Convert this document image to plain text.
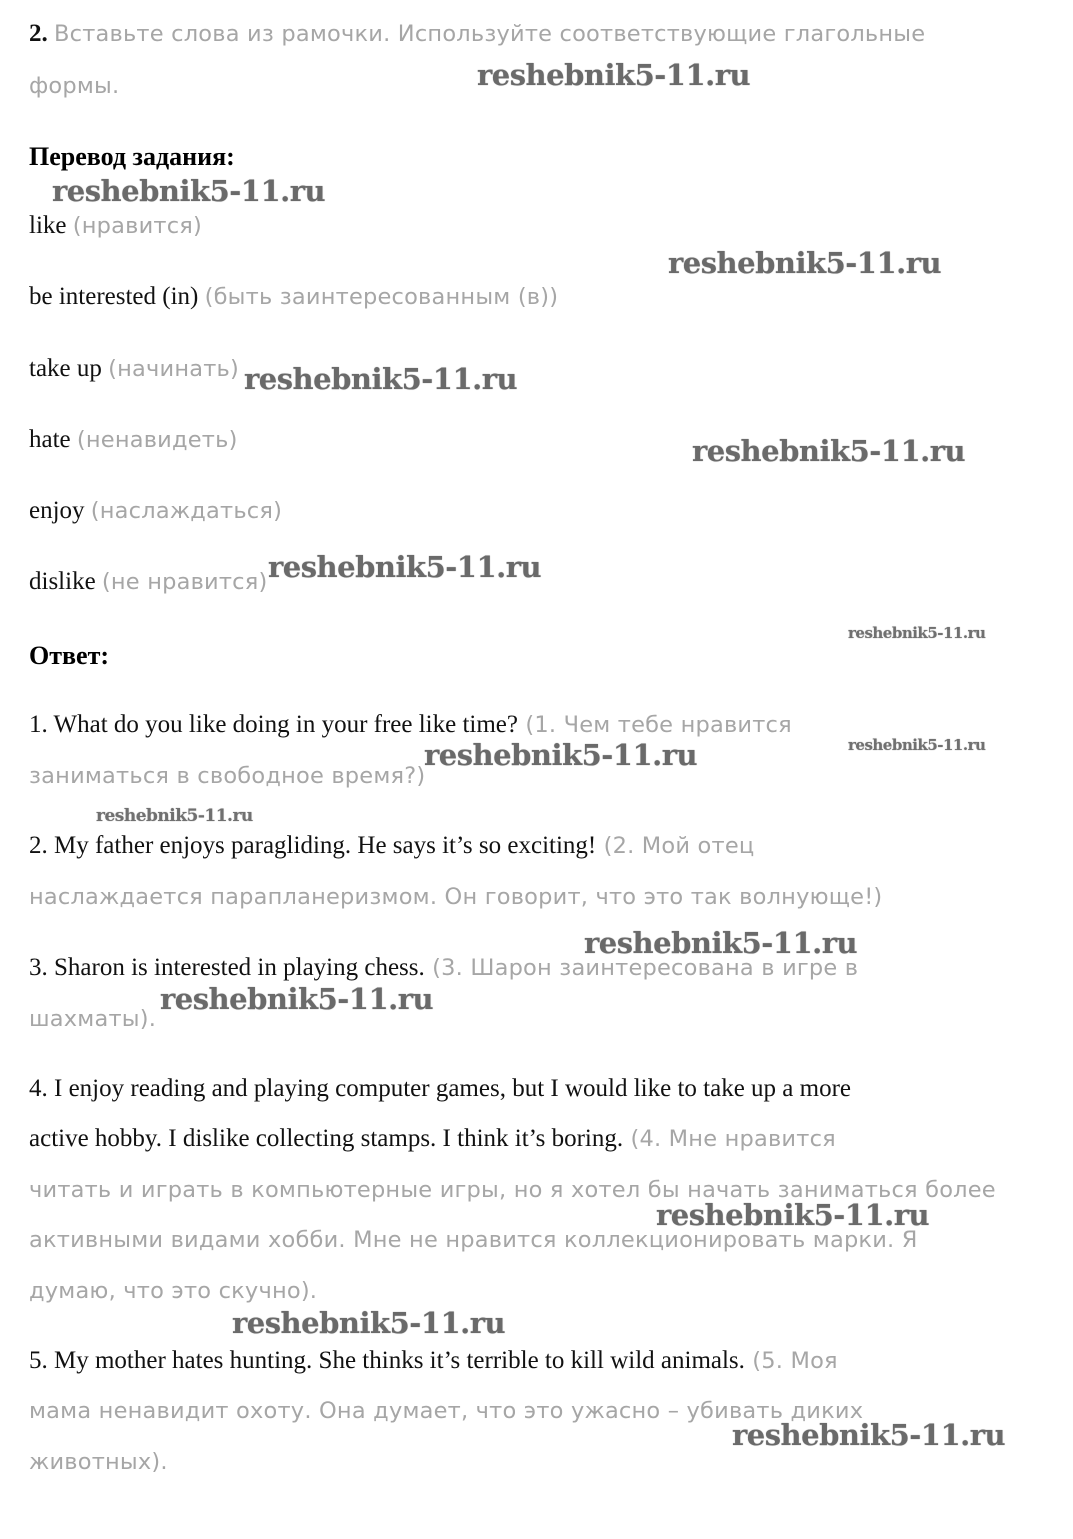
2. Вставьте слова из рамочки. Используйте соответствующие глагольные
формы.
Перевод задания:
like (нравится)
be interested (in) (быть заинтересованным (в))
take up (начинать)
hate (ненавидеть)
enjoy (наслаждаться)
dislike (не нравится)
Ответ:
1. What do you like doing in your free like time? (1. Чем тебе нравится
заниматься в свободное время?)
2. My father enjoys paragliding. He says it’s so exciting! (2. Мой отец
наслаждается парапланеризмом. Он говорит, что это так волнующе!)
3. Sharon is interested in playing chess. (3. Шарон заинтересована в игре в
шахматы).
4. I enjoy reading and playing computer games, but I would like to take up a more
active hobby. I dislike collecting stamps. I think it’s boring. (4. Мне нравится
читать и играть в компьютерные игры, но я хотел бы начать заниматься более
активными видами хобби. Мне не нравится коллекционировать марки. Я
думаю, что это скучно).
5. My mother hates hunting. She thinks it’s terrible to kill wild animals. (5. Моя
мама ненавидит охоту. Она думает, что это ужасно – убивать диких
животных).
reshebnik5-11.ru
reshebnik5-11.ru
reshebnik5-11.ru
reshebnik5-11.ru
reshebnik5-11.ru
reshebnik5-11.ru
reshebnik5-11.ru
reshebnik5-11.ru	reshebnik5-11.ru
reshebnik5-11.ru
reshebnik5-11.ru
reshebnik5-11.ru
reshebnik5-11.ru
reshebnik5-11.ru
reshebnik5-11.ru
